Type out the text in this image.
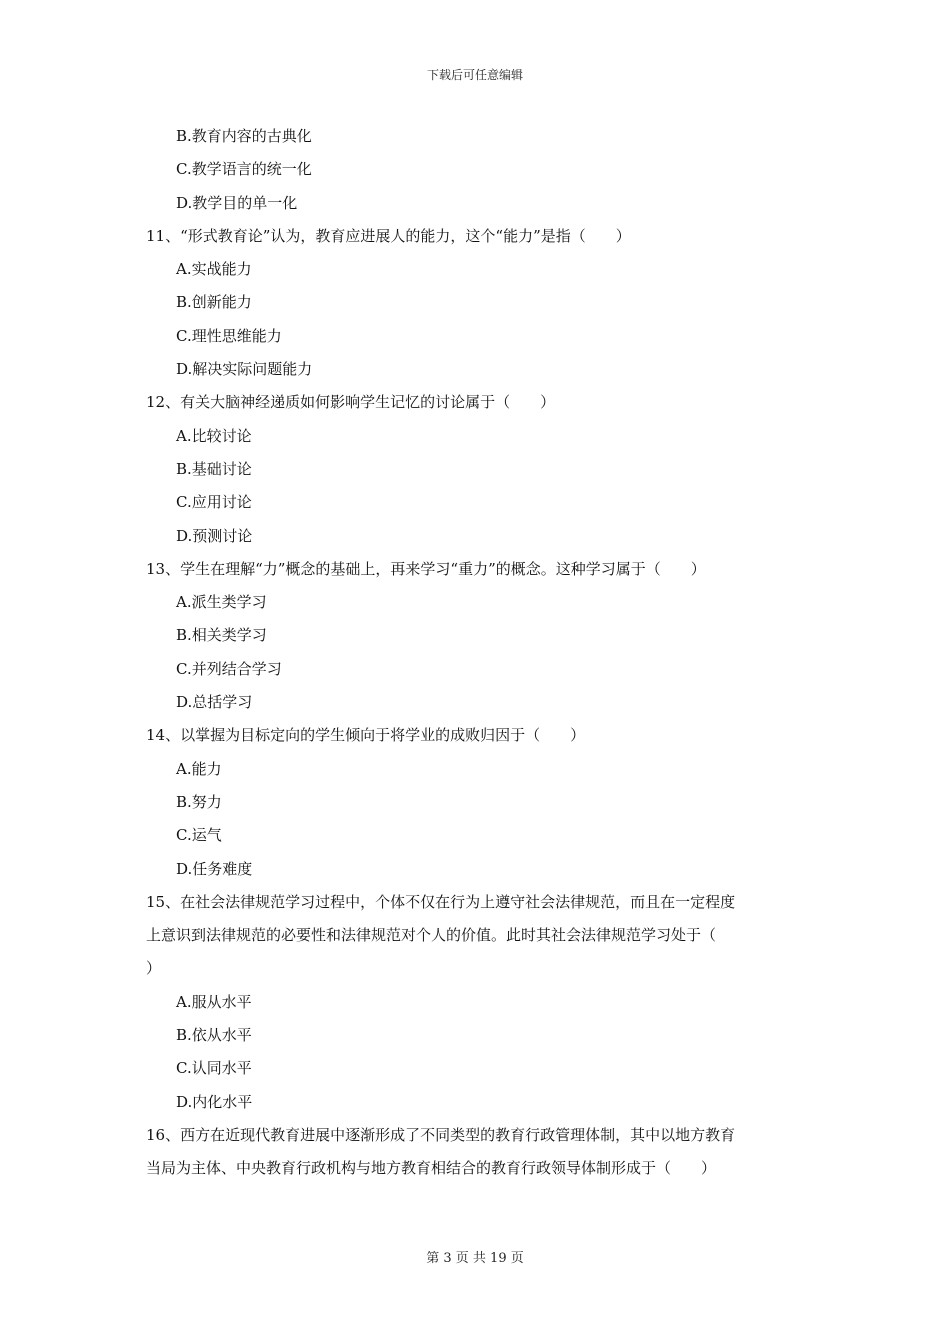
下载后可任意编辑
B.教育内容的古典化
C.教学语言的统一化
D.教学目的单一化
11、“形式教育论”认为，教育应进展人的能力，这个“能力”是指（　　）
A.实战能力
B.创新能力
C.理性思维能力
D.解决实际问题能力
12、有关大脑神经递质如何影响学生记忆的讨论属于（　　）
A.比较讨论
B.基础讨论
C.应用讨论
D.预测讨论
13、学生在理解“力”概念的基础上，再来学习“重力”的概念。这种学习属于（　　）
A.派生类学习
B.相关类学习
C.并列结合学习
D.总括学习
14、以掌握为目标定向的学生倾向于将学业的成败归因于（　　）
A.能力
B.努力
C.运气
D.任务难度
15、在社会法律规范学习过程中，个体不仅在行为上遵守社会法律规范，而且在一定程度
上意识到法律规范的必要性和法律规范对个人的价值。此时其社会法律规范学习处于（
）
A.服从水平
B.依从水平
C.认同水平
D.内化水平
16、西方在近现代教育进展中逐渐形成了不同类型的教育行政管理体制，其中以地方教育
当局为主体、中央教育行政机构与地方教育相结合的教育行政领导体制形成于（　　）
第 3 页 共 19 页
